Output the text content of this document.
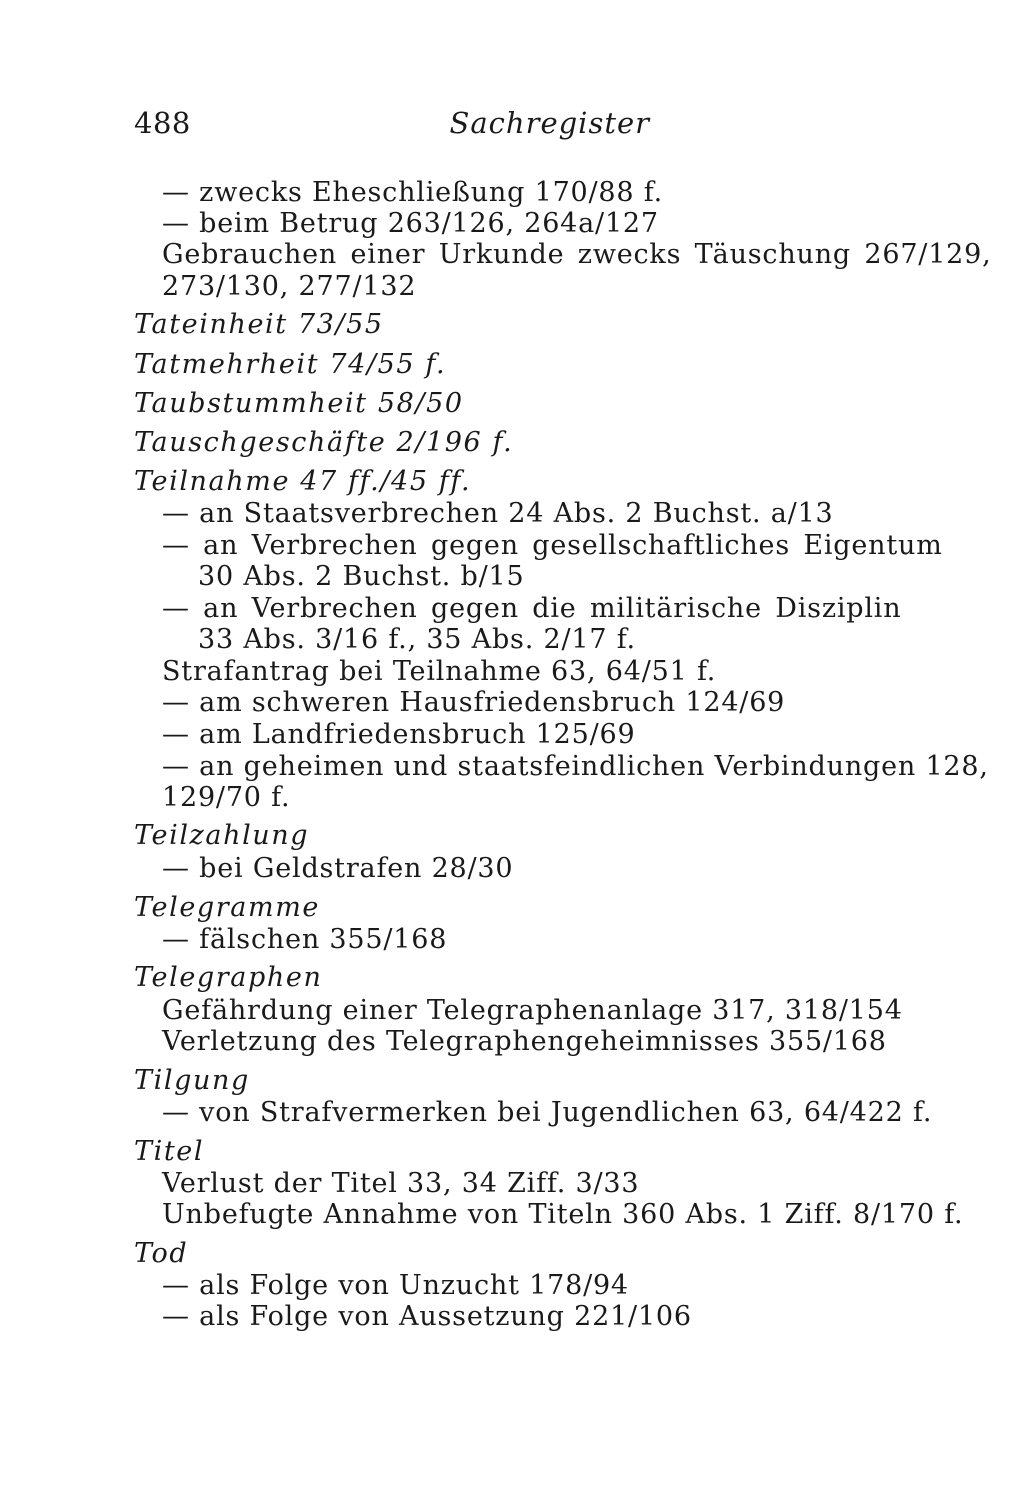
488	Sachregister
— zwecks Eheschließung 170/88 f.
— beim Betrug 263/126, 264a/127
Gebrauchen einer Urkunde zwecks Täuschung 267/129,
273/130, 277/132
Tateinheit 73/55
Tatmehrheit 74/55 f.
Taubstummheit 58/50
Tauschgeschäfte 2/196 f.
Teilnahme 47 ff./45 ff.
— an Staatsverbrechen 24 Abs. 2 Buchst. a/13
— an Verbrechen gegen gesellschaftliches Eigentum
30 Abs. 2 Buchst. b/15
— an Verbrechen gegen die militärische Disziplin
33 Abs. 3/16 f., 35 Abs. 2/17 f.
Strafantrag bei Teilnahme 63, 64/51 f.
— am schweren Hausfriedensbruch 124/69
— am Landfriedensbruch 125/69
— an geheimen und staatsfeindlichen Verbindungen 128,
129/70 f.
Teilzahlung
— bei Geldstrafen 28/30
Telegramme
— fälschen 355/168
Telegraphen
Gefährdung einer Telegraphenanlage 317, 318/154
Verletzung des Telegraphengeheimnisses 355/168
Tilgung
— von Strafvermerken bei Jugendlichen 63, 64/422 f.
Titel
Verlust der Titel 33, 34 Ziff. 3/33
Unbefugte Annahme von Titeln 360 Abs. 1 Ziff. 8/170 f.
Tod
— als Folge von Unzucht 178/94
— als Folge von Aussetzung 221/106
